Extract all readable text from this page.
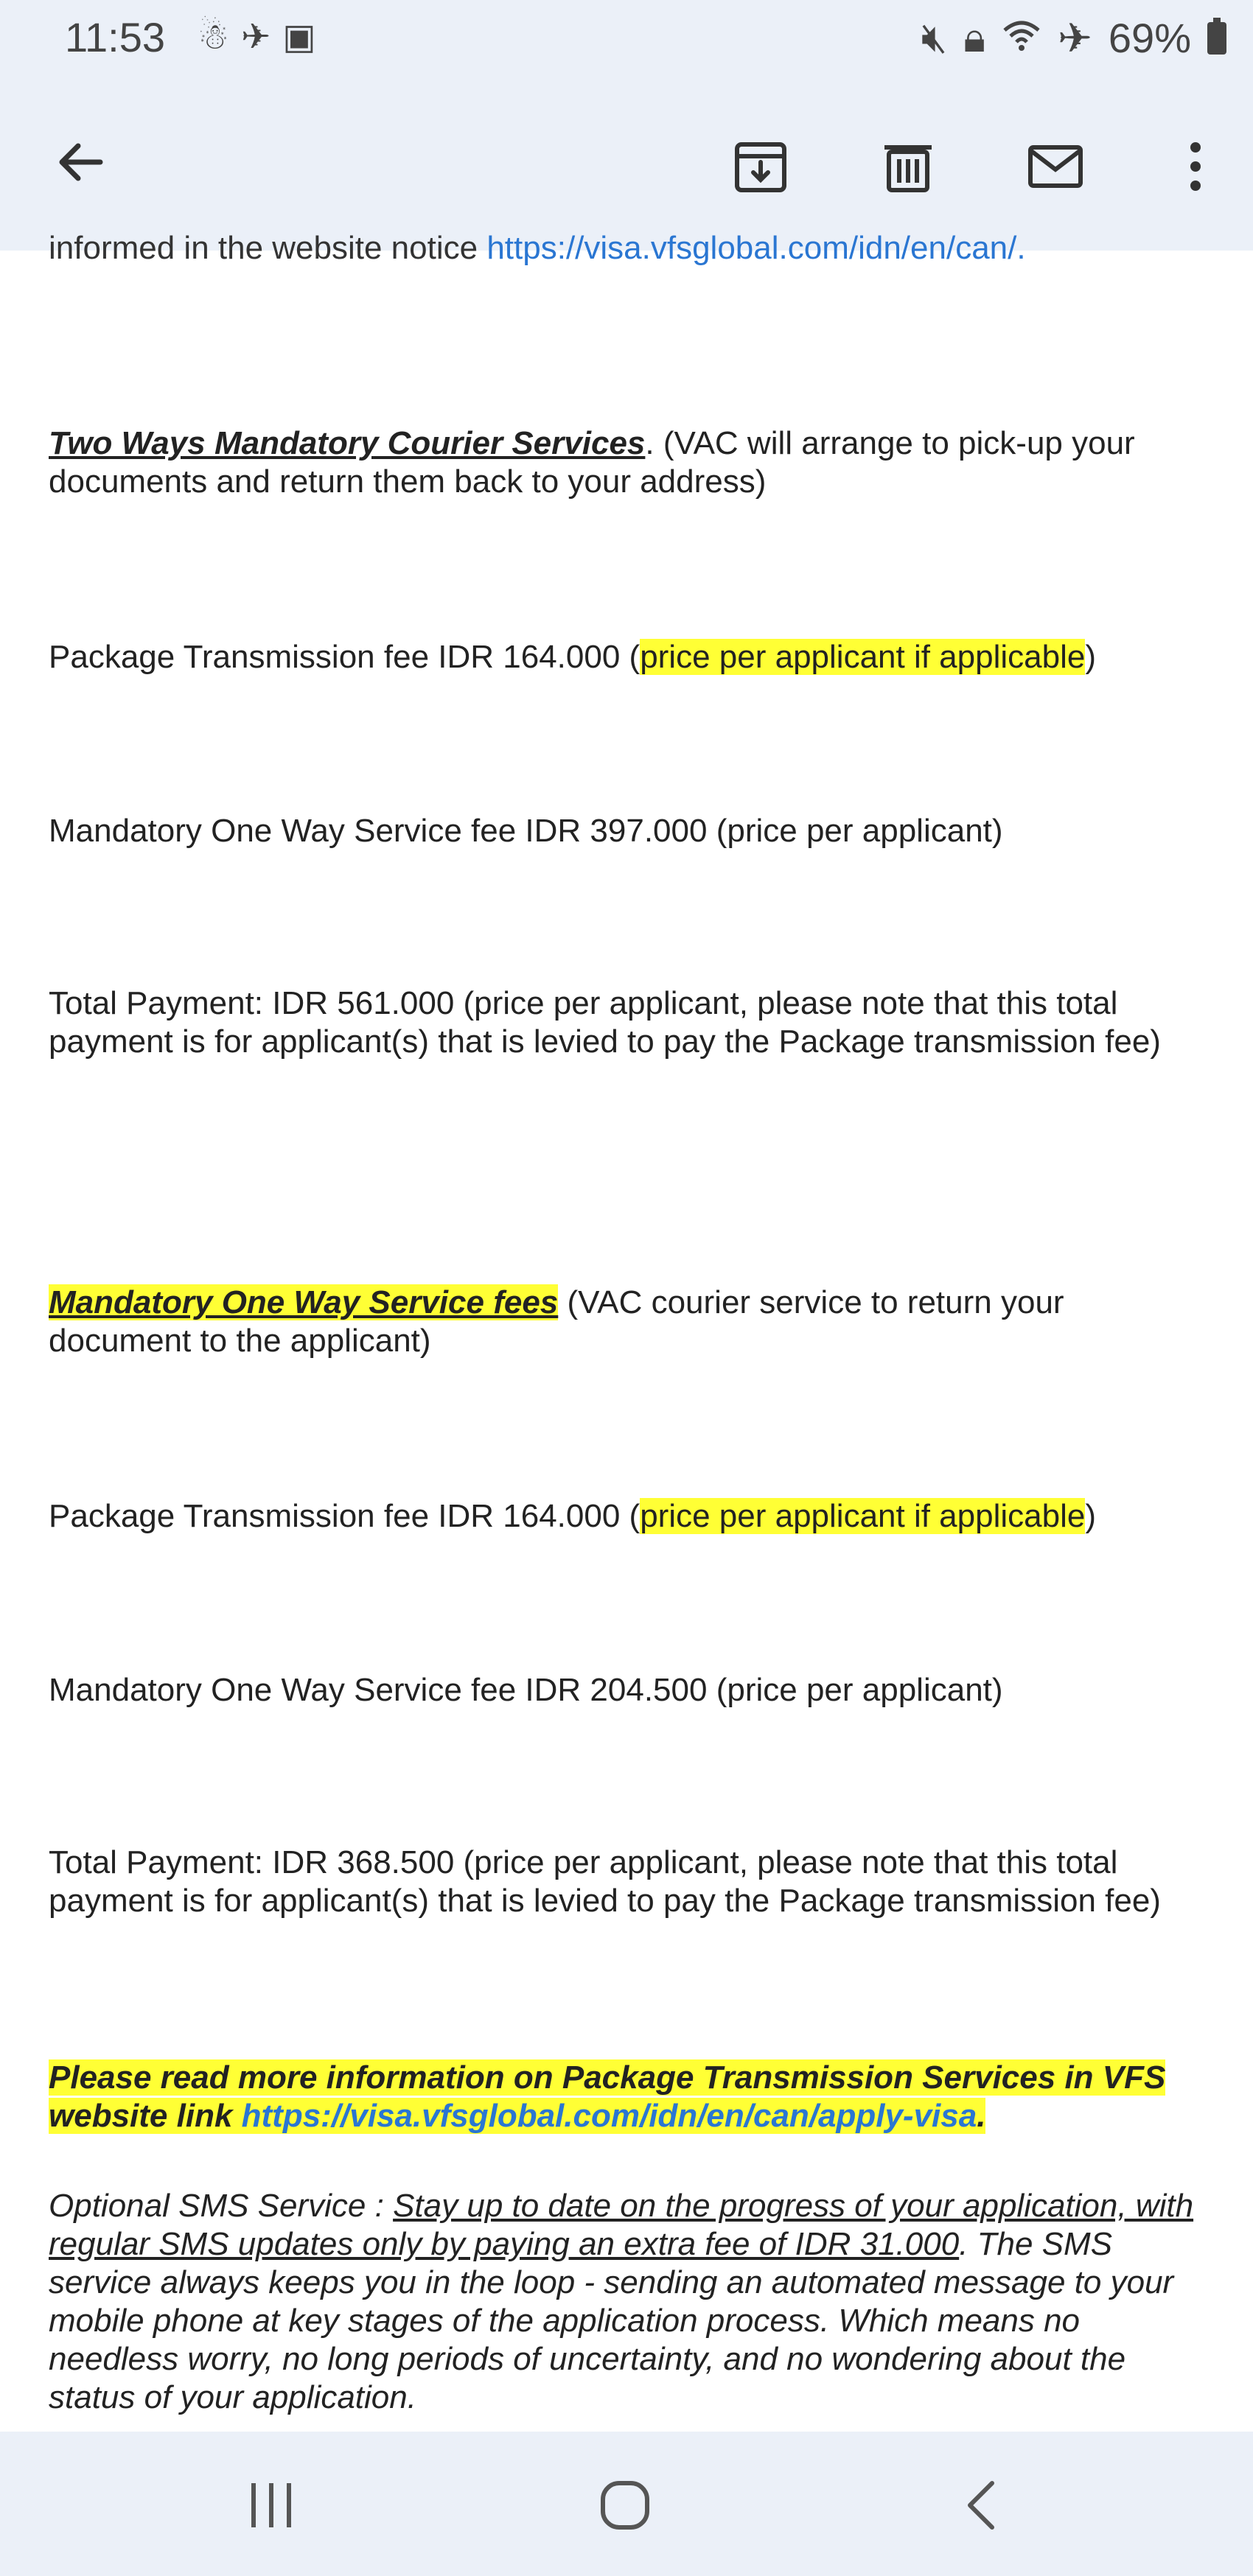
11:53 ☃✈▣	🔇︎ 🔒︎ ✈ 69%
informed in the website notice https://visa.vfsglobal.com/idn/en/can/.
Two Ways Mandatory Courier Services. (VAC will arrange to pick-up your documents and return them back to your address)
Package Transmission fee IDR 164.000 (price per applicant if applicable)
Mandatory One Way Service fee IDR 397.000 (price per applicant)
Total Payment: IDR 561.000 (price per applicant, please note that this total payment is for applicant(s) that is levied to pay the Package transmission fee)
Mandatory One Way Service fees (VAC courier service to return your document to the applicant)
Package Transmission fee IDR 164.000 (price per applicant if applicable)
Mandatory One Way Service fee IDR 204.500 (price per applicant)
Total Payment: IDR 368.500 (price per applicant, please note that this total payment is for applicant(s) that is levied to pay the Package transmission fee)
Please read more information on Package Transmission Services in VFS website link https://visa.vfsglobal.com/idn/en/can/apply-visa.
Optional SMS Service : Stay up to date on the progress of your application, with regular SMS updates only by paying an extra fee of IDR 31.000. The SMS service always keeps you in the loop - sending an automated message to your mobile phone at key stages of the application process. Which means no needless worry, no long periods of uncertainty, and no wondering about the status of your application.
